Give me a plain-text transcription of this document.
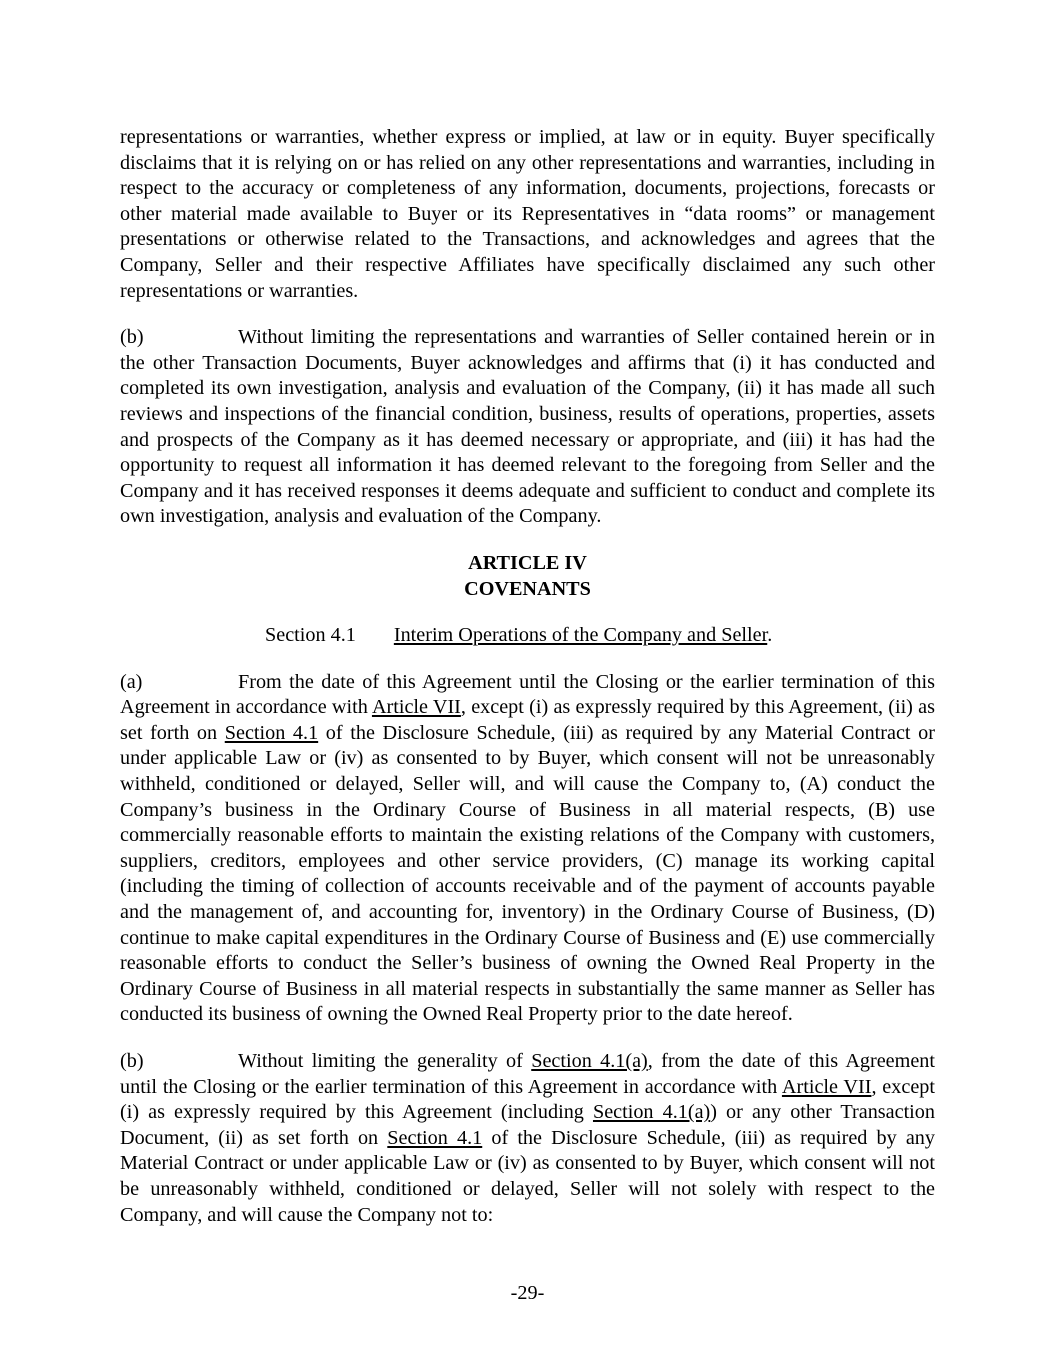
representations or warranties, whether express or implied, at law or in equity. Buyer specifically disclaims that it is relying on or has relied on any other representations and warranties, including in respect to the accuracy or completeness of any information, documents, projections, forecasts or other material made available to Buyer or its Representatives in “data rooms” or management presentations or otherwise related to the Transactions, and acknowledges and agrees that the Company, Seller and their respective Affiliates have specifically disclaimed any such other representations or warranties.

(b)	Without limiting the representations and warranties of Seller contained herein or in the other Transaction Documents, Buyer acknowledges and affirms that (i) it has conducted and completed its own investigation, analysis and evaluation of the Company, (ii) it has made all such reviews and inspections of the financial condition, business, results of operations, properties, assets and prospects of the Company as it has deemed necessary or appropriate, and (iii) it has had the opportunity to request all information it has deemed relevant to the foregoing from Seller and the Company and it has received responses it deems adequate and sufficient to conduct and complete its own investigation, analysis and evaluation of the Company.

ARTICLE IV
COVENANTS
Section 4.1 Interim Operations of the Company and Seller.

(a)	From the date of this Agreement until the Closing or the earlier termination of this Agreement in accordance with Article VII, except (i) as expressly required by this Agreement, (ii) as set forth on Section 4.1 of the Disclosure Schedule, (iii) as required by any Material Contract or under applicable Law or (iv) as consented to by Buyer, which consent will not be unreasonably withheld, conditioned or delayed, Seller will, and will cause the Company to, (A) conduct the Company’s business in the Ordinary Course of Business in all material respects, (B) use commercially reasonable efforts to maintain the existing relations of the Company with customers, suppliers, creditors, employees and other service providers, (C) manage its working capital (including the timing of collection of accounts receivable and of the payment of accounts payable and the management of, and accounting for, inventory) in the Ordinary Course of Business, (D) continue to make capital expenditures in the Ordinary Course of Business and (E) use commercially reasonable efforts to conduct the Seller’s business of owning the Owned Real Property in the Ordinary Course of Business in all material respects in substantially the same manner as Seller has conducted its business of owning the Owned Real Property prior to the date hereof.

(b)	Without limiting the generality of Section 4.1(a), from the date of this Agreement until the Closing or the earlier termination of this Agreement in accordance with Article VII, except (i) as expressly required by this Agreement (including Section 4.1(a)) or any other Transaction Document, (ii) as set forth on Section 4.1 of the Disclosure Schedule, (iii) as required by any Material Contract or under applicable Law or (iv) as consented to by Buyer, which consent will not be unreasonably withheld, conditioned or delayed, Seller will not solely with respect to the Company, and will cause the Company not to:

-29-
